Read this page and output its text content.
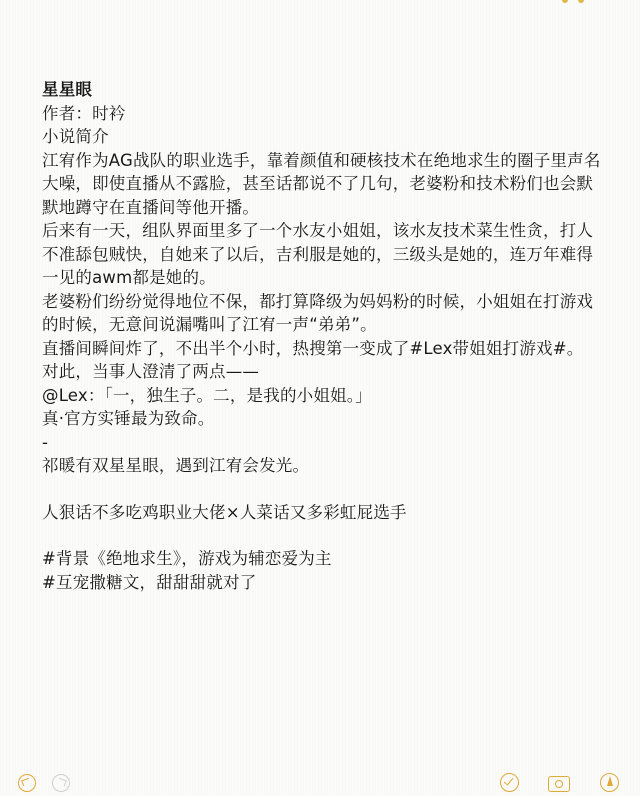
星星眼

作者：时衿

小说简介

江宥作为AG战队的职业选手，靠着颜值和硬核技术在绝地求生的圈子里声名大噪，即使直播从不露脸，甚至话都说不了几句，老婆粉和技术粉们也会默默地蹲守在直播间等他开播。

后来有一天，组队界面里多了一个水友小姐姐，该水友技术菜生性贪，打人不准舔包贼快，自她来了以后，吉利服是她的，三级头是她的，连万年难得一见的awm都是她的。

老婆粉们纷纷觉得地位不保，都打算降级为妈妈粉的时候，小姐姐在打游戏的时候，无意间说漏嘴叫了江宥一声“弟弟”。

直播间瞬间炸了，不出半个小时，热搜第一变成了#Lex带姐姐打游戏#。

对此，当事人澄清了两点——

@Lex：「一，独生子。二，是我的小姐姐。」

真·官方实锤最为致命。

-

祁暖有双星星眼，遇到江宥会发光。

人狠话不多吃鸡职业大佬×人菜话又多彩虹屁选手

#背景《绝地求生》，游戏为辅恋爱为主

#互宠撒糖文，甜甜甜就对了
